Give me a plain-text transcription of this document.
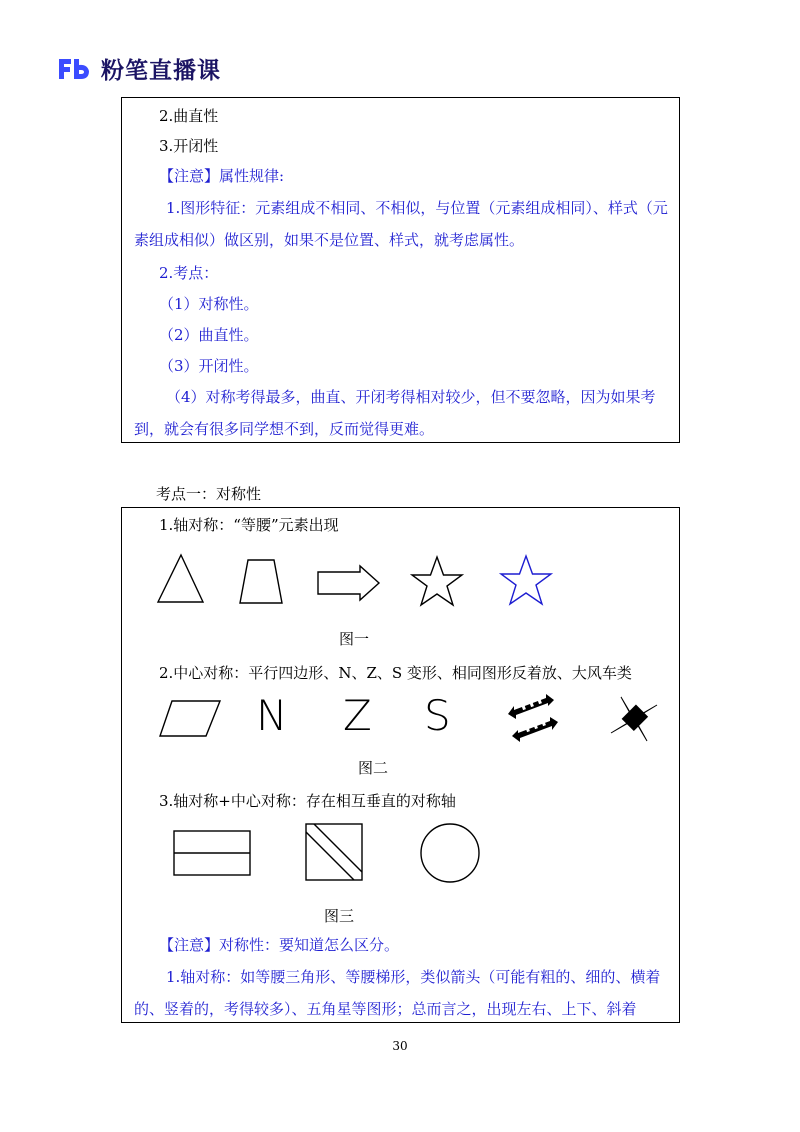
粉笔直播课
2.曲直性
3.开闭性
【注意】属性规律:
1.图形特征：元素组成不相同、不相似，与位置（元素组成相同）、样式（元素组成相似）做区别，如果不是位置、样式，就考虑属性。
2.考点：
（1）对称性。
（2）曲直性。
（3）开闭性。
（4）对称考得最多，曲直、开闭考得相对较少，但不要忽略，因为如果考到，就会有很多同学想不到，反而觉得更难。
考点一：对称性
1.轴对称：“等腰”元素出现
图一
2.中心对称：平行四边形、N、Z、S 变形、相同图形反着放、大风车类
N Z S
图二
3.轴对称+中心对称：存在相互垂直的对称轴
图三
【注意】对称性：要知道怎么区分。
1.轴对称：如等腰三角形、等腰梯形，类似箭头（可能有粗的、细的、横着的、竖着的，考得较多）、五角星等图形；总而言之，出现左右、上下、斜着
30
